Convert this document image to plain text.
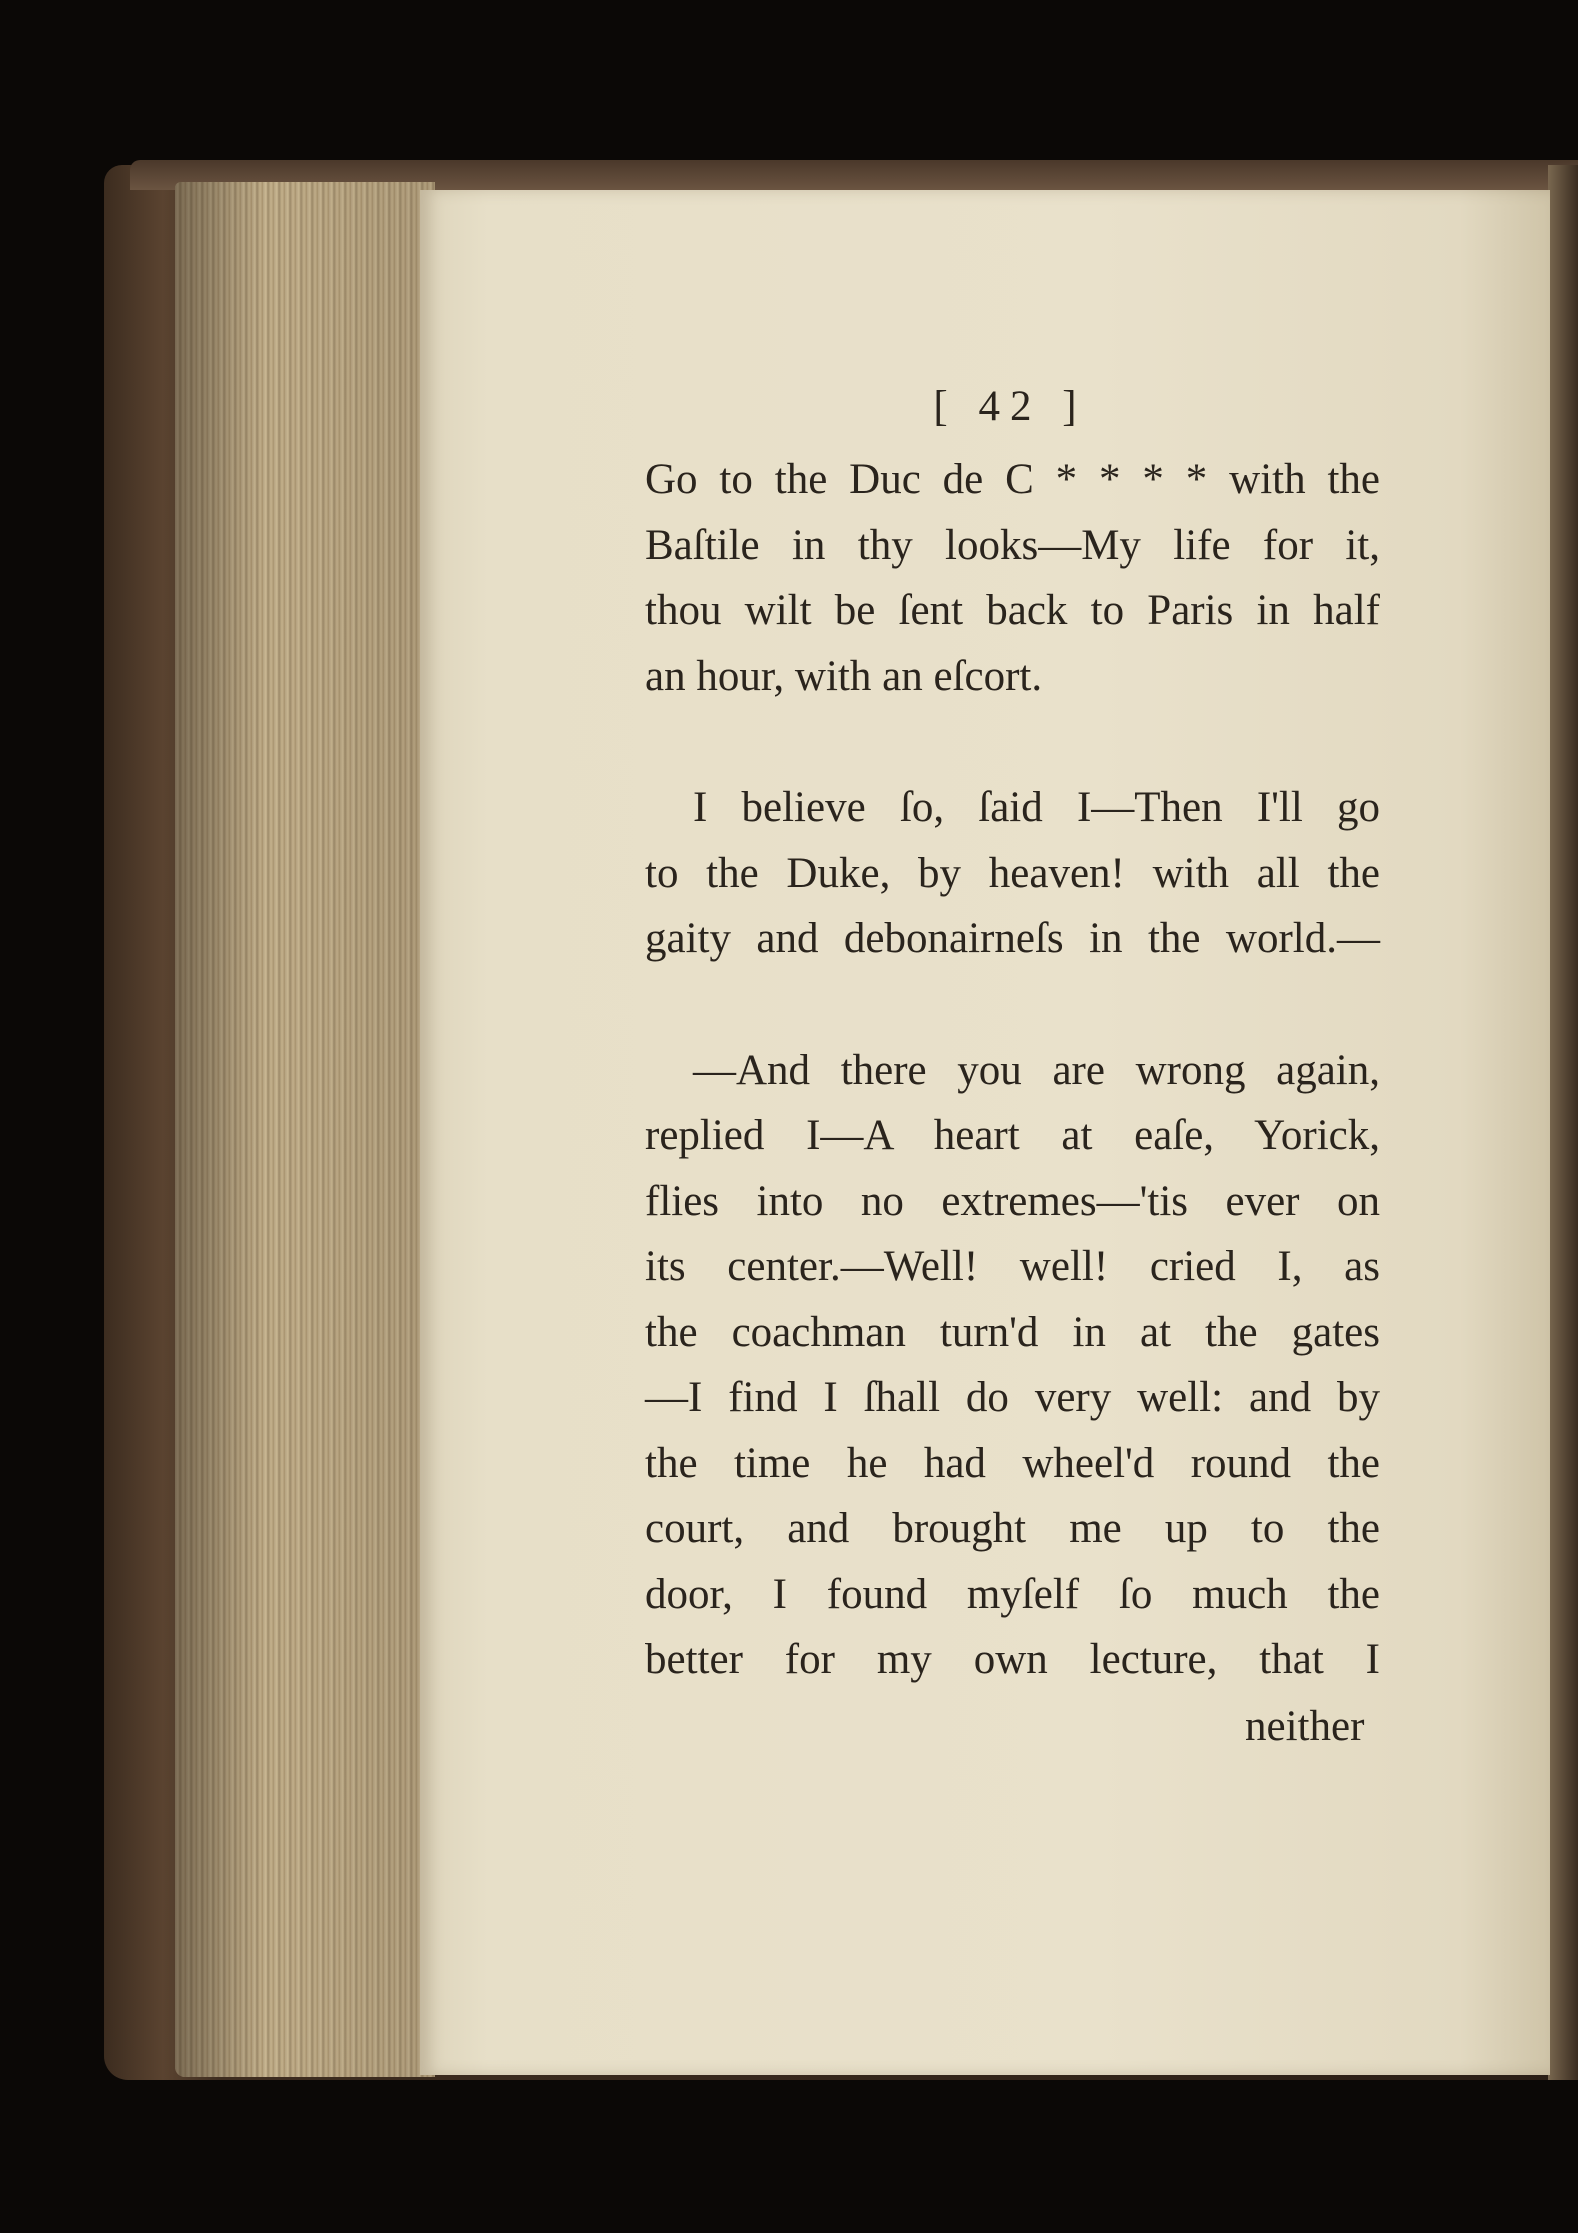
[ 42 ]
Go to the Duc de C * * * * with the
Baſtile in thy looks—My life for it,
thou wilt be ſent back to Paris in half
an hour, with an eſcort.
I believe ſo, ſaid I—Then I'll go
to the Duke, by heaven! with all the
gaity and debonairneſs in the world.—
—And there you are wrong again,
replied I—A heart at eaſe, Yorick,
flies into no extremes—'tis ever on
its center.—Well! well! cried I, as
the coachman turn'd in at the gates
—I find I ſhall do very well: and by
the time he had wheel'd round the
court, and brought me up to the
door, I found myſelf ſo much the
better for my own lecture, that I
neither
